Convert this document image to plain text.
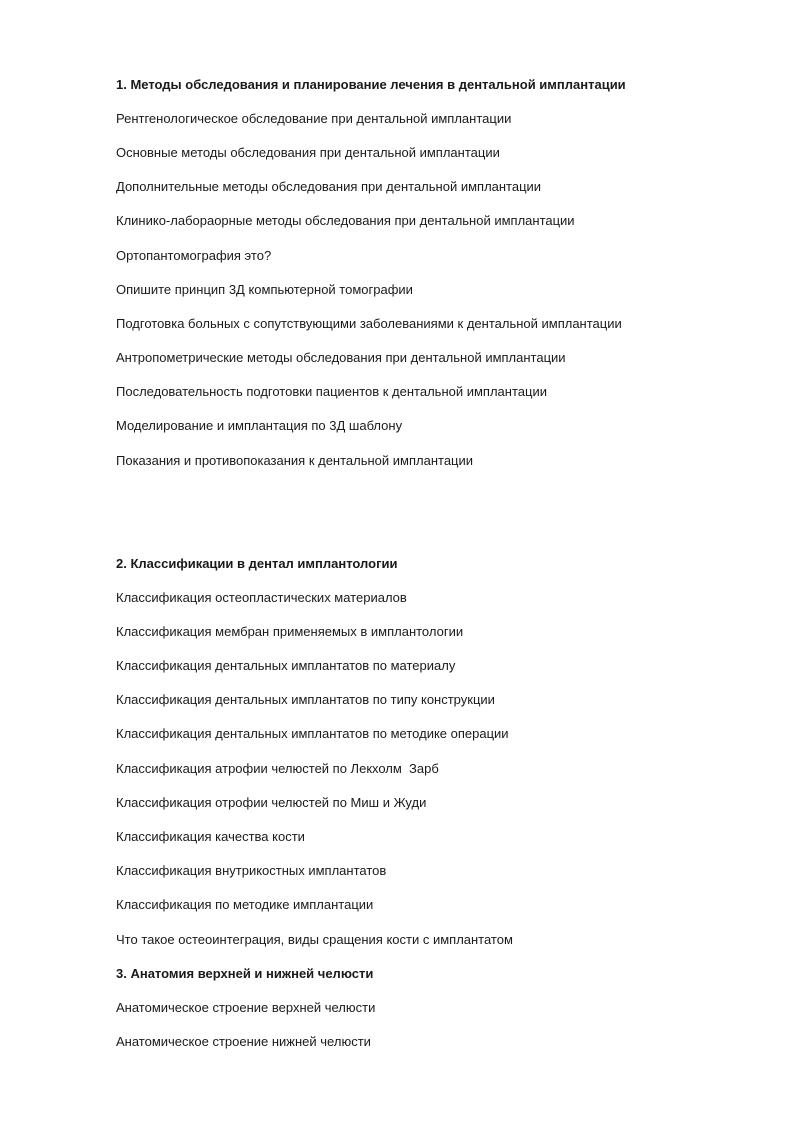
1. Методы обследования и планирование лечения в дентальной имплантации
Рентгенологическое обследование при дентальной имплантации
Основные методы обследования при дентальной имплантации
Дополнительные методы обследования при дентальной имплантации
Клинико-лабораорные методы обследования при дентальной имплантации
Ортопантомография это?
Опишите принцип 3Д компьютерной томографии
Подготовка больных с сопутствующими заболеваниями к дентальной имплантации
Антропометрические методы обследования при дентальной имплантации
Последовательность подготовки пациентов к дентальной имплантации
Моделирование и имплантация по 3Д шаблону
Показания и противопоказания к дентальной имплантации
2. Классификации в дентал имплантологии
Классификация остеопластических материалов
Классификация мембран применяемых в имплантологии
Классификация дентальных имплантатов по материалу
Классификация дентальных имплантатов по типу конструкции
Классификация дентальных имплантатов по методике операции
Классификация атрофии челюстей по Лекхолм  Зарб
Классификация отрофии челюстей по Миш и Жуди
Классификация качества кости
Классификация внутрикостных имплантатов
Классификация по методике имплантации
Что такое остеоинтеграция, виды сращения кости с имплантатом
3. Анатомия верхней и нижней челюсти
Анатомическое строение верхней челюсти
Анатомическое строение нижней челюсти
